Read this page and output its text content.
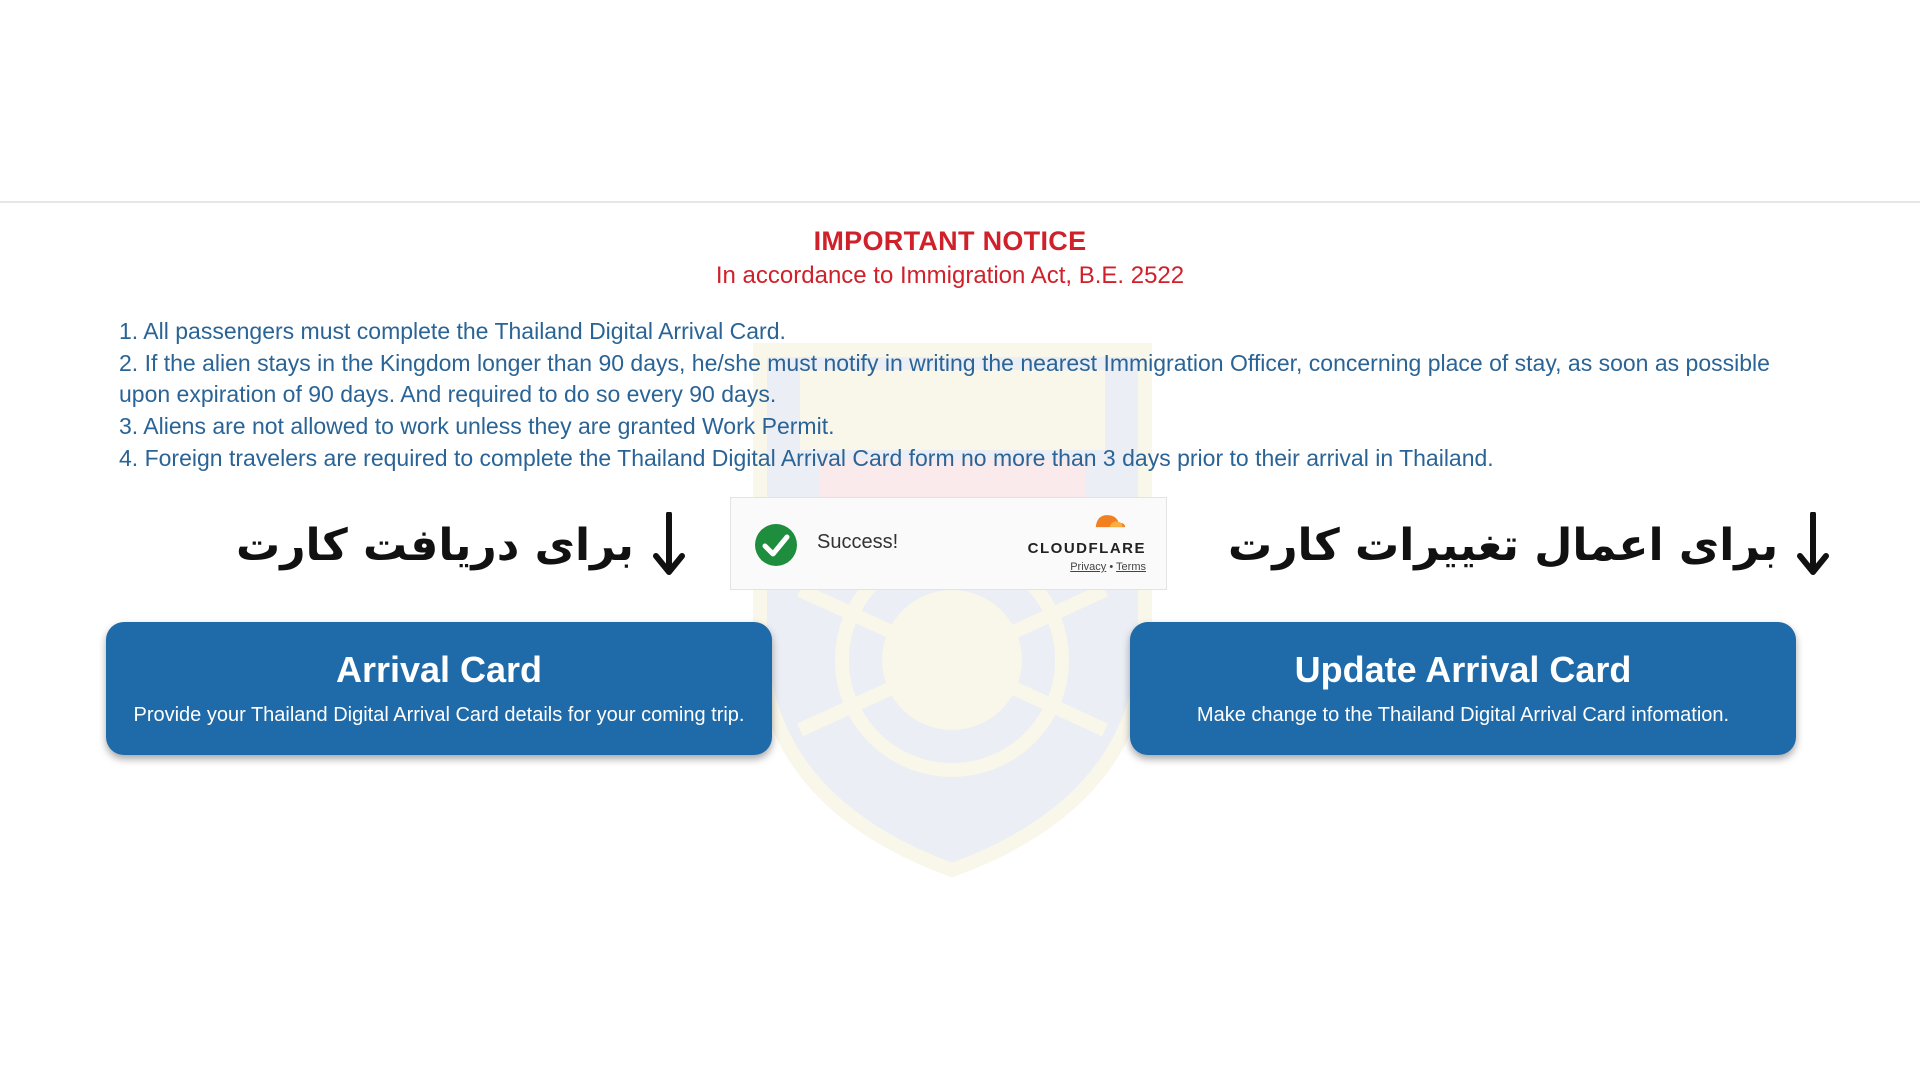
IMPORTANT NOTICE
In accordance to Immigration Act, B.E. 2522
1. All passengers must complete the Thailand Digital Arrival Card.
2. If the alien stays in the Kingdom longer than 90 days, he/she must notify in writing the nearest Immigration Officer, concerning place of stay, as soon as possible upon expiration of 90 days. And required to do so every 90 days.
3. Aliens are not allowed to work unless they are granted Work Permit.
4. Foreign travelers are required to complete the Thailand Digital Arrival Card form no more than 3 days prior to their arrival in Thailand.
برای دریافت کارت	برای اعمال تغییرات کارت
Success!	CLOUDFLARE
Privacy • Terms
Arrival Card
Provide your Thailand Digital Arrival Card details for your coming trip.
Update Arrival Card
Make change to the Thailand Digital Arrival Card infomation.
